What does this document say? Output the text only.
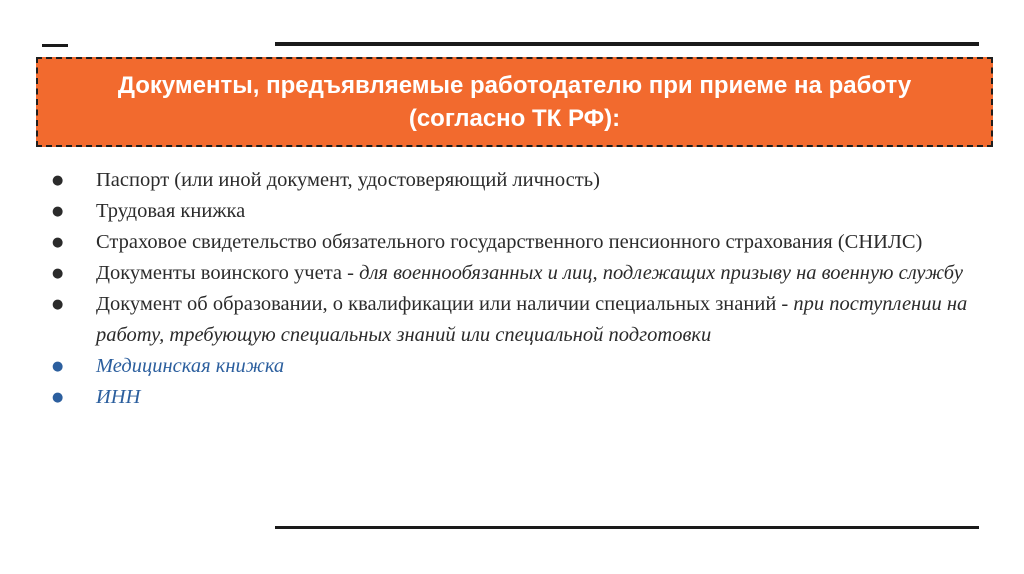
Документы, предъявляемые работодателю при приеме на работу
(согласно ТК РФ):
● Паспорт (или иной документ, удостоверяющий личность)
● Трудовая книжка
● Страховое свидетельство обязательного государственного пенсионного страхования (СНИЛС)
● Документы воинского учета - для военнообязанных и лиц, подлежащих призыву на военную службу
● Документ об образовании, о квалификации или наличии специальных знаний - при поступлении на работу, требующую специальных знаний или специальной подготовки
● Медицинская книжка
● ИНН
